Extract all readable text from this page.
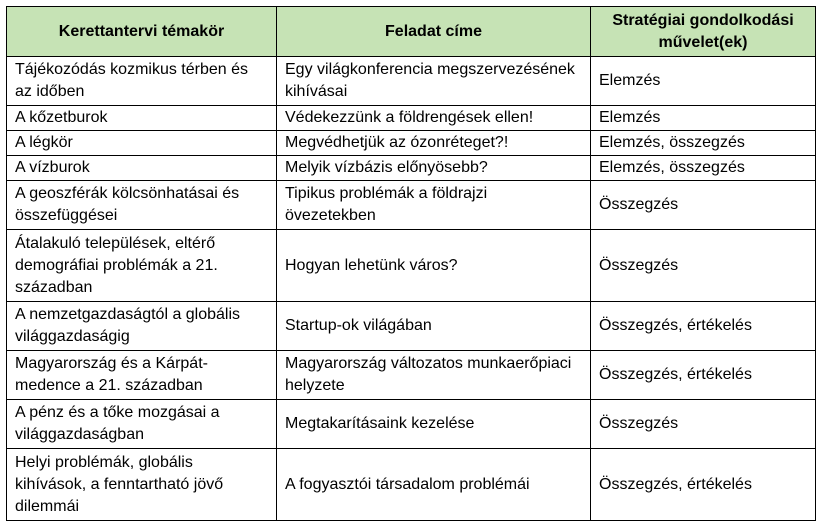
Kerettantervi témakör	Feladat címe	Stratégiai gondolkodási művelet(ek)
Tájékozódás kozmikus térben és az időben	Egy világkonferencia megszervezésének kihívásai	Elemzés
A kőzetburok	Védekezzünk a földrengések ellen!	Elemzés
A légkör	Megvédhetjük az ózonréteget?!	Elemzés, összegzés
A vízburok	Melyik vízbázis előnyösebb?	Elemzés, összegzés
A geoszférák kölcsönhatásai és összefüggései	Tipikus problémák a földrajzi övezetekben	Összegzés
Átalakuló települések, eltérő demográfiai problémák a 21. században	Hogyan lehetünk város?	Összegzés
A nemzetgazdaságtól a globális világgazdaságig	Startup-ok világában	Összegzés, értékelés
Magyarország és a Kárpát-medence a 21. században	Magyarország változatos munkaerőpiaci helyzete	Összegzés, értékelés
A pénz és a tőke mozgásai a világgazdaságban	Megtakarításaink kezelése	Összegzés
Helyi problémák, globális kihívások, a fenntartható jövő dilemmái	A fogyasztói társadalom problémái	Összegzés, értékelés
